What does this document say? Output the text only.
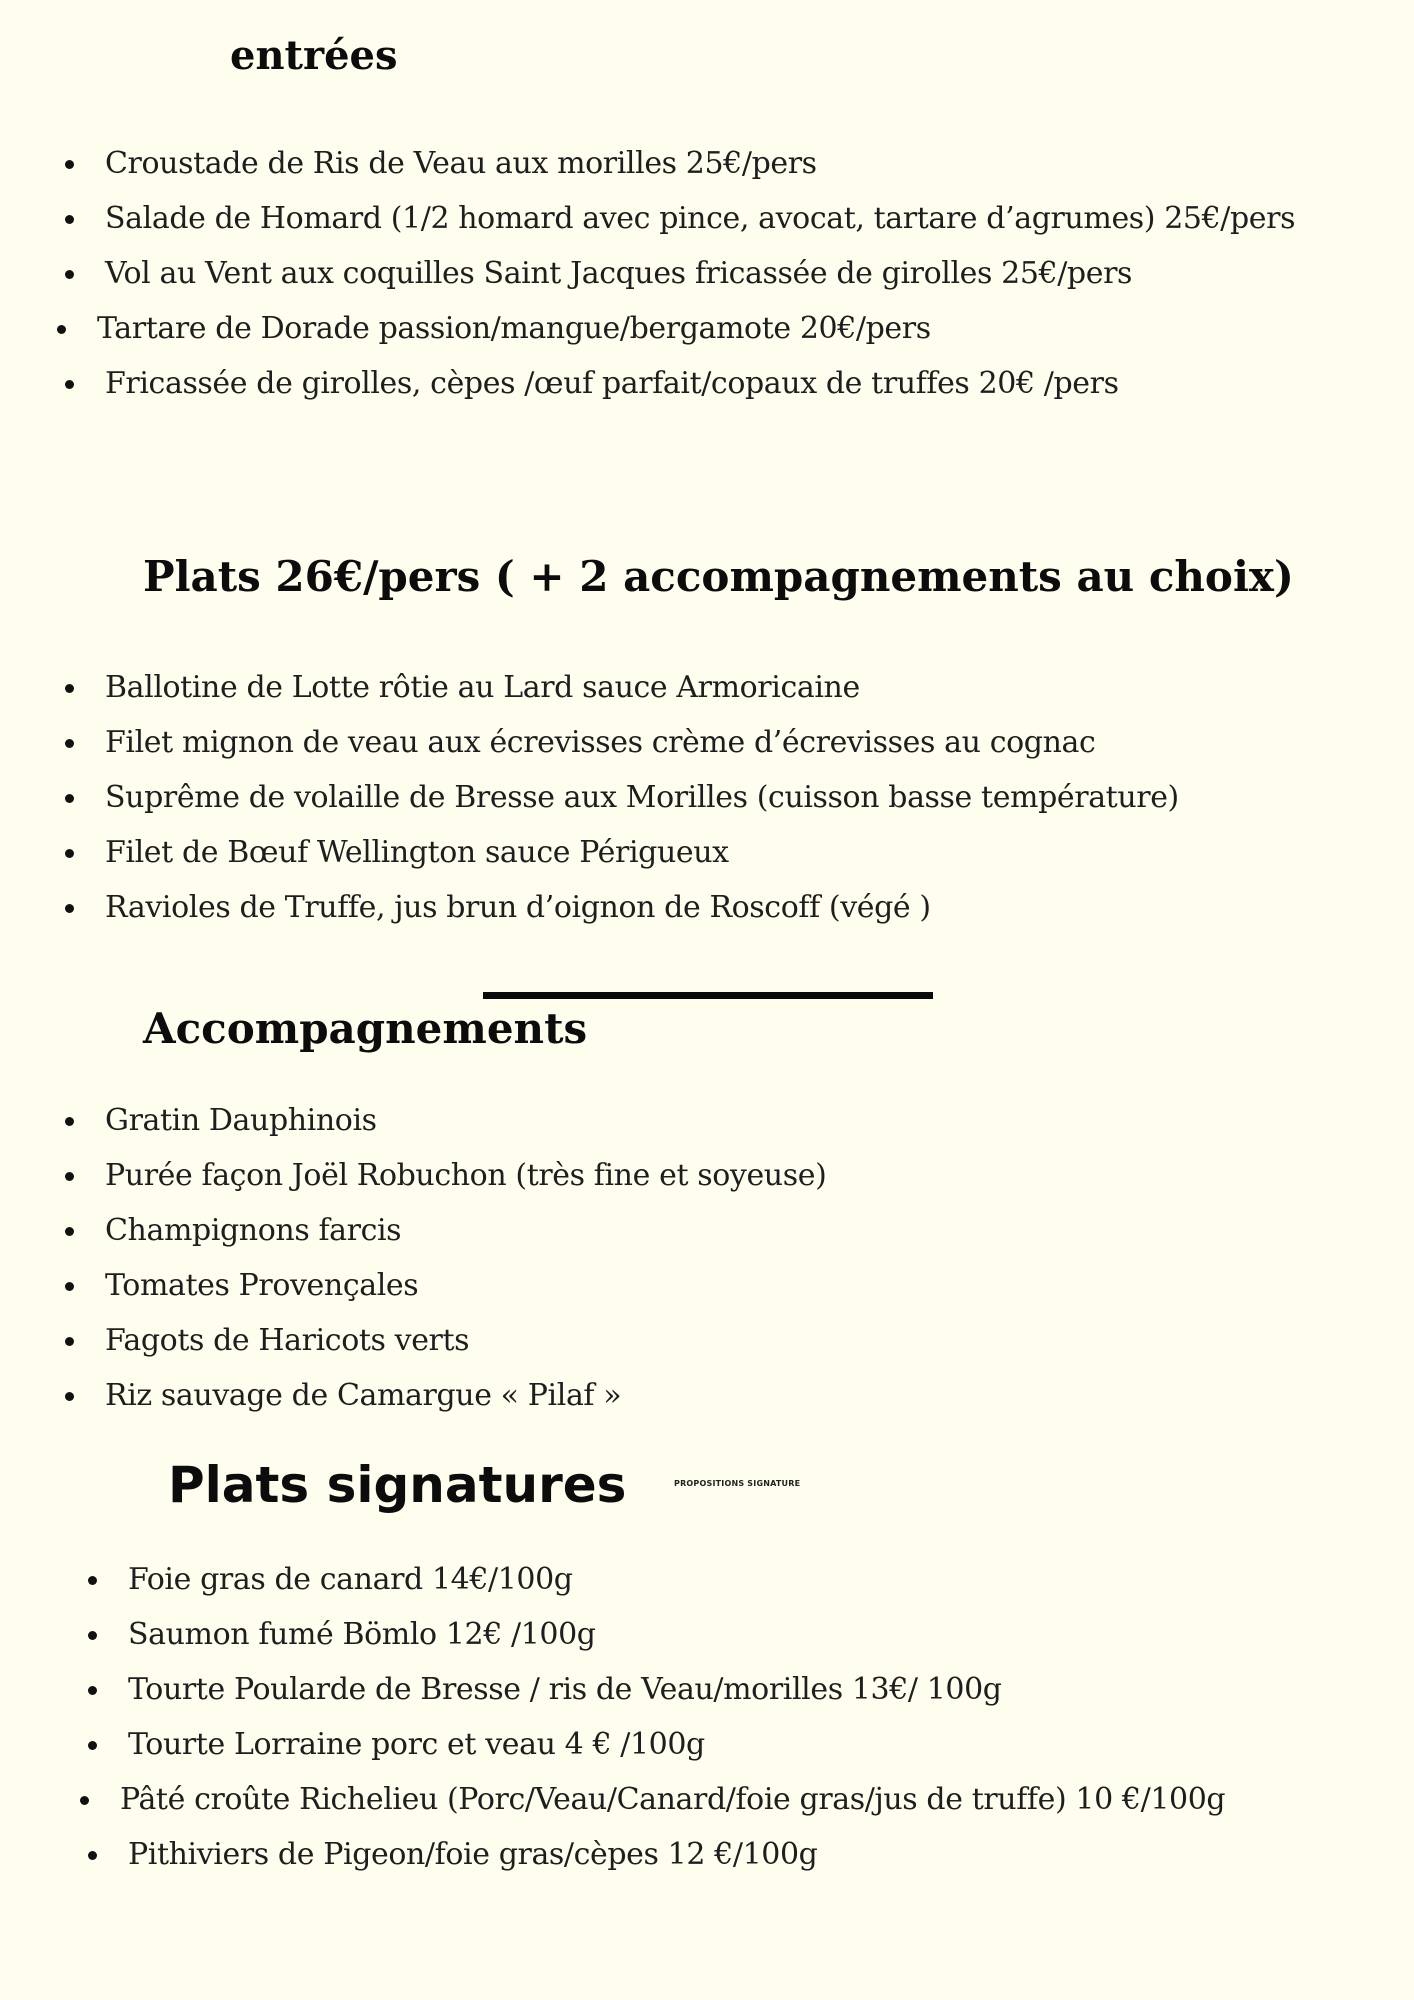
entrées
Croustade de Ris de Veau aux morilles 25€/pers
Salade de Homard (1/2 homard avec pince, avocat, tartare d’agrumes) 25€/pers
Vol au Vent aux coquilles Saint Jacques fricassée de girolles 25€/pers
Tartare de Dorade passion/mangue/bergamote 20€/pers
Fricassée de girolles, cèpes /œuf parfait/copaux de truffes 20€ /pers
Plats 26€/pers ( + 2 accompagnements au choix)
Ballotine de Lotte rôtie au Lard sauce Armoricaine
Filet mignon de veau aux écrevisses crème d’écrevisses au cognac
Suprême de volaille de Bresse aux Morilles (cuisson basse température)
Filet de Bœuf Wellington sauce Périgueux
Ravioles de Truffe, jus brun d’oignon de Roscoff (végé )
Accompagnements
Gratin Dauphinois
Purée façon Joël Robuchon (très fine et soyeuse)
Champignons farcis
Tomates Provençales
Fagots de Haricots verts
Riz sauvage de Camargue « Pilaf »
Plats signatures	PROPOSITIONS SIGNATURE
Foie gras de canard 14€/100g
Saumon fumé Bömlo 12€ /100g
Tourte Poularde de Bresse / ris de Veau/morilles 13€/ 100g
Tourte Lorraine porc et veau 4 € /100g
Pâté croûte Richelieu (Porc/Veau/Canard/foie gras/jus de truffe) 10 €/100g
Pithiviers de Pigeon/foie gras/cèpes 12 €/100g
